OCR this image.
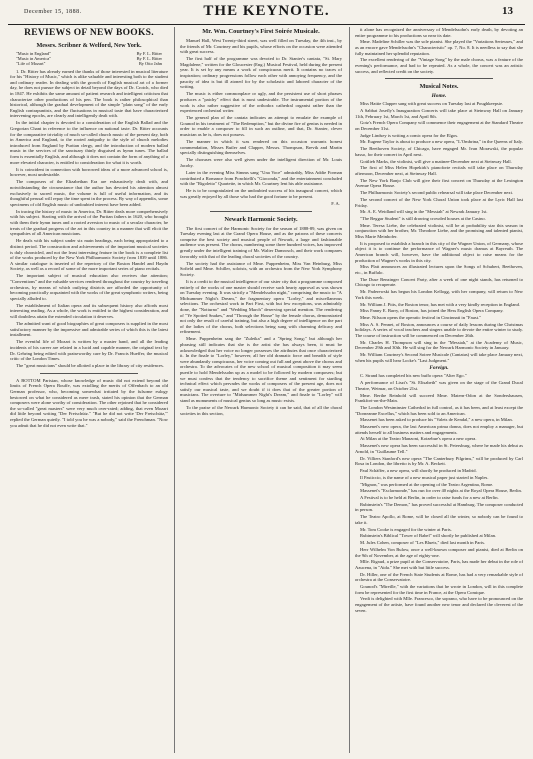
December 15, 1888.	THE KEYNOTE.	13
REVIEWS OF NEW BOOKS.
Messrs. Scribner & Welford, New York.
"Music in England"	By F. L. Ritter
"Music in America"	By F. L. Ritter
"Life of Mozart"	By Otto Jahn

1. Dr. Ritter has already earned the thanks of those interested in musical literature for his "History of Music," which is alike valuable and interesting both to the student and ordinary reader. In dealing with the growth of English musical art of a former day, he does not pursue the subject in detail beyond the days of Dr. Crotch, who died in 1847. He exhibits the same amount of patient research and intelligent criticism that characterize other productions of his pen. The book is rather philosophical than historical, although the gradual development of the simple "plain song" of the early English contrapuntists, and the fluctuations in musical taste that have characterized intervening epochs, are clearly and intelligently dealt with.

In the initial chapter is devoted to a consideration of the English Ballad and the Gregorian Chant in reference to the influence on national taste. Dr. Ritter accounts for the comparative triviality of much so-called church music of the present day, both in America and England, to the rooted antipathy to the style of church melodies introduced from England by Puritan clergy, and the introduction of modern ballad music in the services of the sanctuary thinly disguised as hymn tunes. The ballad form is essentially English, and although it does not contain the form of anything of a more elevated character, is entitled to consideration for what it is worth.

It is coincident in connection with borrowed ideas of a more advanced school is, however, most undesirable.

The composers of the Elizabethan Era are exhaustively dealt with, and notwithstanding the circumstance that the author has devoted his attention almost exclusively to sacred music, the volume is full of useful information, and its thoughtful perusal will repay the time spent in the process. By way of appendix, some specimens of old English music of undoubted interest have been added.

In tracing the history of music in America, Dr. Ritter deals more comprehensively with his subject. Starting with the arrival of the Puritan fathers in 1620, who brought with them their hymn tunes and a rooted aversion to music of a secular character, he treats of the gradual progress of the art in this country in a manner that will elicit the sympathies of all American musicians.

He deals with his subject under six main headings, each being appropriated to a distinct period. The construction and achievements of the important musical societies is duly chronicled, and not the least interesting feature in the book is a complete list of the works produced by the New York Philharmonic Society from 1839 until 1886. A similar catalogue is inserted of the repertory of the Boston Handel and Haydn Society, as well as a record of some of the more important series of piano recitals.

The important subject of musical education also receives due attention; "Conventions" and the valuable services rendered throughout the country by traveling orchestras, by means of which outlying districts are afforded the opportunity of becoming practically acquainted with the works of the great symphonic writers, being specially alluded to.

The establishment of Italian opera and its subsequent history also affords most interesting reading. As a whole, the work is entitled to the highest consideration, and will doubtless attain the extended circulation it deserves.

The admitted want of good biographies of great composers is supplied in the most satisfactory manner by the impressive and admirable series of which this is the latest installment.

The eventful life of Mozart is written by a master hand, and all the leading incidents of his career are related in a lucid and capable manner, the original text by Dr. Gehring being edited with praiseworthy care by Dr. Francis Hueffer, the musical critic of the London Times.

The "great musicians" should be allotted a place in the library of city residences.

A BOTTOM Parisian, whose knowledge of music did not extend beyond the limits of French Opera Bouffe, was extolling the merits of Offenbach to an old German professor, who, becoming somewhat irritated by the fulsome eulogy bestowed on what he considered as mere trash, stated his opinion that the German composers were alone worthy of consideration. The other rejoined that he considered the so-called "great masters" were very much over-rated; adding, that even Mozart did little beyond writing "Der Freischütz." "But he did not write 'Der Freischütz,'" replied the German quietly. "I told you he was a nobody," said the Frenchman. "Now you admit that he did not even write that."

Mr. Wm. Courtney's First Soirée Musicale.

Manuel Hall, West Twenty-third street, was well filled on Tuesday, the 4th inst., by the friends of Mr. Courtney and his pupils, whose efforts on the occasion were attended with great success.

The first half of the programme was devoted to Dr. Stanier's cantata, "St. Mary Magdalene," written for the Gloucester (Eng.) Musical Festival, held during the present year. It is set by any means a work of conspicuous merit. It contains no traces of inspiration; ordinary progressions follow each other with annoying frequency, and the paucity of idea is but ill atoned for by the scholastic and labored character of the writing.

The music is either commonplace or ugly, and the persistent use of short phrases produces a "patchy" effect that is most undesirable. The instrumental portion of the work is also rather suggestive of the orthodox cathedral organist rather than the experienced orchestral writer.

The general plan of the cantata indicates an attempt to emulate the example of Gounod in his treatment of "The Redemption," but the divine fire of genius is needed in order to enable a composer to fill in such an outline, and that, Dr. Stanier, clever musician as he is, does not possess.

The manner in which it was rendered on this occasion warrants honest commendation, Misses Butler and Clapper, Messrs. Thompson, Brevik and Martin specially distinguishing themselves.

The choruses were also well given under the intelligent direction of Mr. Louis Jacoby.

Later in the evening Miss Simms sang "Una Voce" admirably, Miss Addie Forman contributed a Romance from Ponchielli's "Gioconda," and the entertainment concluded with the "Rigoletto" Quartette, in which Mr. Courtney lent his able assistance.

He is to be congratulated on the undoubted success of his inaugural concert, which was greatly enjoyed by all those who had the good fortune to be present.

F. A.
Newark Harmonic Society.

The first concert of the Harmonic Society for the season of 1888-89, was given on Tuesday evening last at the Grand Opera House, and as the patrons of these concerts comprise the best society and musical people of Newark, a large and fashionable audience was present. The chorus, numbering some three hundred voices, has improved greatly under the intelligent training of Mr. Walter Damrosch, and their work compares favorably with that of the leading choral societies of the country.

The society had the assistance of Mme. Puppenheim, Miss Van Heinburg, Miss Sofield and Mme. Schiller, soloists, with an orchestra from the New York Symphony Society.

It is a credit to the musical intelligence of our sister city that a programme composed entirely of the works of one master should receive such hearty approval as was shown on Tuesday evening. It was strictly a "Mendelssohn night," comprising the music to "A Midsummer Night's Dream," the fragmentary opera "Lorley," and miscellaneous selections. The orchestral work in Part First, with but few exceptions, was admirably done, the "Notturno" and "Wedding March" deserving special mention. The rendering of "Ye Spotted Snakes," and "Through the House" by the female chorus, demonstrated not only the result of careful training, but also a high degree of intelligence on the part of the ladies of the chorus, both selections being sung with charming delicacy and refinement.

Mme. Puppenheim sang the "Zuleika" and a "Spring Song;" but although her phrasing still indicates that she is the artist she has always been, it must be acknowledged that her voice no longer possesses the attributes that once characterized it. In the finale to "Lorley," however, all her old dramatic force and breadth of style were abundantly conspicuous, her voice coming out full and great above the chorus and orchestra. To the advocates of the new school of musical composition it may seem puerile to hold Mendelssohn up as a model to be followed by modern composers; but we must confess that the tendency to sacrifice theme and sentiment for startling technical effect which pervades the works of composers of the present age, does not satisfy our musical taste, and we doubt if it does that of the greater portion of musicians. The overture to "Midsummer Night's Dream," and finale to "Lorley" will stand as monuments of musical genius so long as music exists.

To the praise of the Newark Harmonic Society it can be said, that of all the choral societies in this section,

it alone has recognized the anniversary of Mendelssohn's early death, by devoting an entire programme to his productions so near its date.

Mme. Madeline Schiller was the sole pianist. She played the "Variations Serieuses," and as an encore gave Mendelssohn's "Characteristic" op. 7, No. 8. It is needless to say that she fully maintained her splendid reputation.

The excellent rendering of the "Vintage Song" by the male chorus, was a feature of the evening's performance, and had to be repeated. As a whole, the concert was an artistic success, and reflected credit on the society.

Musical Notes.
Home.

Miss Hattie Clapper sang with great success on Tuesday last at Poughkeepsie.

A Sabbat Josefly's Inauguration Concerts will take place at Steinway Hall on January 11th, February 1st, March 1st, and April 8th.

Gotz's French Opera Company will commence their engagement at the Standard Theatre on December 31st.

Judge Lindsey is writing a comic opera for the Elgos.

Mr. Eugene Taylor is about to produce a new opera, "L'Ombrina," in the Queens of Italy.

The Beethoven Society, of Chicago, have engaged Mr. Ivan Morawski, the popular basso, for their concert in April next.

Gottlieb Marks, the violinist, will give a matinee-December next at Steinway Hall.

The first of Miss Helen Hopekirk's pianoforte recitals will take place on Thursday afternoon, December next, at Steinway Hall.

The New York Banjo Club will give their first concert on Thursday at the Lexington Avenue Opera House.

The Philharmonic Society's second public rehearsal will take place December next.

The second concert of the New York Choral Union took place at the Lyric Hall last Friday.

Mr. A. E. Weidland will sing in the "Messiah" at Newark January 1st.

"The Beggar Student" is still drawing crowded houses at the Casino.

Mme. Teresa Liebe, the celebrated violinist, will be at probability star this season in conjunction with her brother, Mr. Theodore Liebe, and the promising and talented pianist, Miss Marie Meinhofer.

It is proposed to establish a branch in this city of the Wagner Union, of Germany, whose object it is to continue the performance of Wagner's music dramas at Bayreuth. The American branch will, however, have the additional object to raise means for the production of Wagner's works in this city.

Miss Platt announces an illustrated lectures upon the Songs of Schubert, Beethoven, etc., in Buffalo.

The Duse Benzinger Concert Party, after a week of one night stands, has returned to Chicago to recuperate.

Mr. Paderewski has begun his London Kellogg, with her company, will return to New York this week.

Mr. William J. Pitts, the Boston tenor, has met with a very kindly reception in England.

Miss Fanny E. Barry, of Boston, has joined the Hess English Opera Company.

Mme. Nilsson opens the operatic festival in Cincinnati in "Faust."

Miss A. S. Pennet, of Boston, announces a course of daily lessons during the Christmas holidays. A series of vocal teachers and singers unable to devote the entire winter to study. The course of instruction will be commenced on December 26th.

Mr. Charles H. Thompson will sing in the "Messiah," at the Academy of Music, December 29th and 30th. He will sing for the Newark Harmonic Society in January.

Mr. William Courtney's Second Soiree Musicale (Cantatas) will take place January next, when his pupils will hear Locke's "Last Judgment."

Foreign.

C. Strand has completed his new buffo opera "Alter Ego."

A performance of Liszt's "St. Elisabeth" was given on the stage of the Grand Ducal Theatre, Weimar, on October 21st.

Mme. Berthe Reinhold will succeed Mme. Matern-Odon at the Sondershausen, Frankfort-on-the-Main.

The London Westminster Cathedral in full control, as it has been, and at least except the "Dorneanne Excellus," which has been sold to an American.

Massenet has been asked to produce his "Valets de Kendal," a new opera, in Milan.

Massenet's new opera, the last American prima donna, does not employ a manager, but attends herself to all business matters and engagements.

At Milan at the Teatro Manzoni, Kotzebue's opera a new opera.

Massenet's new opera has been successful in St. Petersburg, where he made his debut as Arnold, in "Guillaume Tell."

Dr. Villiers Stanford's new opera "The Canterbury Pilgrims," will be produced by Carl Rosa in London, the libretto is by Mr. A. Beckett.

Paul Schäffer, a new opera, will shortly be produced in Madrid.

Il Pasticcio, is the name of a new musical paper just started in Naples.

"Mignon," was performed at the opening of the Teatro Argentina, Rome.

Massenet's "Esclarmonde," has run for over 40 nights at the Royal Opera House, Berlin.

A Festival is to be held at Berlin, in order to raise funds for a new at Berlin.

Rubinstein's "The Demon," has proved successful at Hamburg. The composer conducted in person.

The Teatro Apollo, at Rome, will be closed all the winter, so nobody can be found to take it.

Mr. Tom Cooke is engaged for the winter at Paris.

Rubinstein's Biblical "Tower of Babel" will shortly be published at Milan.

M. Jules Cohen, composer of "Les Bluets," died last month in Paris.

Herr Wilhelm Von Bulow, once a well-known composer and pianist, died at Berlin on the 9th of November, at the age of eighty-one.

Mlle. Rigaud, a prize pupil at the Conservatoire, Paris, has made her debut in the role of Azucena, in "Aida." She met with but little success.

Dr. Hiller, one of the French State Students at Rome, has had a very remarkable style of orchestra at the Conservatoire.

Gounod's "Mireille," with the variations that he wrote in London, will in this complete form be represented for the first time in France, at the Opera Comique.

Verdi is delighted with Mlle. Francesco, the soprano, who have to be pronounced on the engagement of the artiste, have found another new tenor and declared the cleverest of the seven.
